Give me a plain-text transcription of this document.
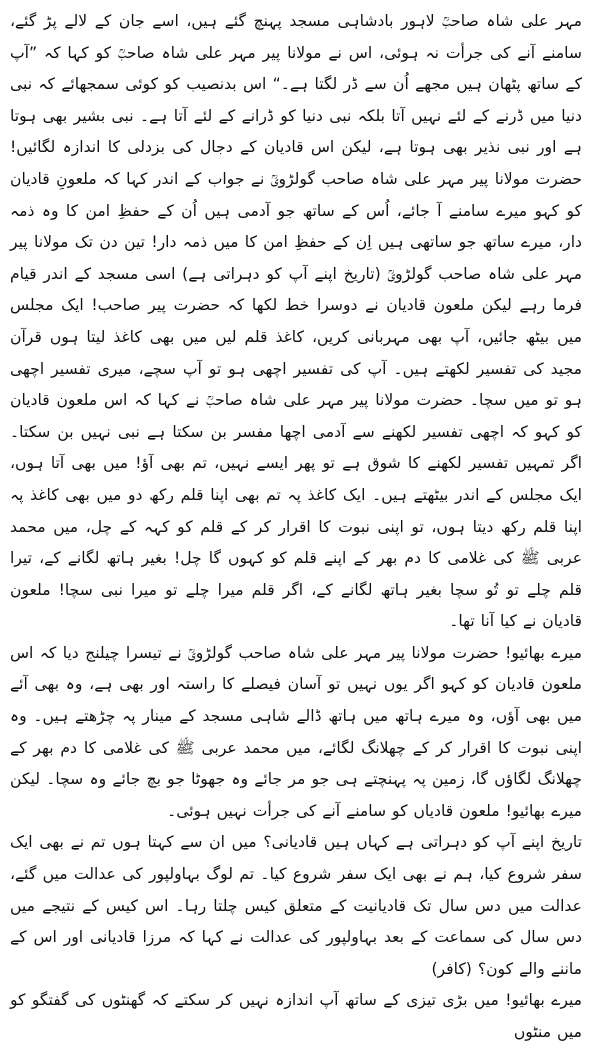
مہر علی شاہ صاحبؒ لاہور بادشاہی مسجد پہنچ گئے ہیں، اسے جان کے لالے پڑ گئے، سامنے آنے کی جرأت نہ ہوئی، اس نے مولانا پیر مہر علی شاہ صاحبؒ کو کہا کہ ”آپ کے ساتھ پٹھان ہیں مجھے اُن سے ڈر لگتا ہے۔“ اس بدنصیب کو کوئی سمجھائے کہ نبی دنیا میں ڈرنے کے لئے نہیں آتا بلکہ نبی دنیا کو ڈرانے کے لئے آتا ہے۔ نبی بشیر بھی ہوتا ہے اور نبی نذیر بھی ہوتا ہے، لیکن اس قادیان کے دجال کی بزدلی کا اندازہ لگائیں! حضرت مولانا پیر مہر علی شاہ صاحب گولڑویؒ نے جواب کے اندر کہا کہ ملعونِ قادیان کو کہو میرے سامنے آ جائے، اُس کے ساتھ جو آدمی ہیں اُن کے حفظِ امن کا وہ ذمہ دار، میرے ساتھ جو ساتھی ہیں اِن کے حفظِ امن کا میں ذمہ دار! تین دن تک مولانا پیر مہر علی شاہ صاحب گولڑویؒ (تاریخ اپنے آپ کو دہراتی ہے) اسی مسجد کے اندر قیام فرما رہے لیکن ملعون قادیان نے دوسرا خط لکھا کہ حضرت پیر صاحب! ایک مجلس میں بیٹھ جائیں، آپ بھی مہربانی کریں، کاغذ قلم لیں میں بھی کاغذ لیتا ہوں قرآن مجید کی تفسیر لکھتے ہیں۔ آپ کی تفسیر اچھی ہو تو آپ سچے، میری تفسیر اچھی ہو تو میں سچا۔ حضرت مولانا پیر مہر علی شاہ صاحبؒ نے کہا کہ اس ملعون قادیان کو کہو کہ اچھی تفسیر لکھنے سے آدمی اچھا مفسر بن سکتا ہے نبی نہیں بن سکتا۔ اگر تمہیں تفسیر لکھنے کا شوق ہے تو پھر ایسے نہیں، تم بھی آؤ! میں بھی آتا ہوں، ایک مجلس کے اندر بیٹھتے ہیں۔ ایک کاغذ پہ تم بھی اپنا قلم رکھ دو میں بھی کاغذ پہ اپنا قلم رکھ دیتا ہوں، تو اپنی نبوت کا اقرار کر کے قلم کو کہہ کے چل، میں محمد عربی ﷺ کی غلامی کا دم بھر کے اپنے قلم کو کہوں گا چل! بغیر ہاتھ لگانے کے، تیرا قلم چلے تو تُو سچا بغیر ہاتھ لگانے کے، اگر قلم میرا چلے تو میرا نبی سچا! ملعون قادیان نے کیا آنا تھا۔

میرے بھائیو! حضرت مولانا پیر مہر علی شاہ صاحب گولڑویؒ نے تیسرا چیلنج دیا کہ اس ملعون قادیان کو کہو اگر یوں نہیں تو آسان فیصلے کا راستہ اور بھی ہے، وہ بھی آئے میں بھی آؤں، وہ میرے ہاتھ میں ہاتھ ڈالے شاہی مسجد کے مینار پہ چڑھتے ہیں۔ وہ اپنی نبوت کا اقرار کر کے چھلانگ لگائے، میں محمد عربی ﷺ کی غلامی کا دم بھر کے چھلانگ لگاؤں گا، زمین پہ پہنچتے ہی جو مر جائے وہ جھوٹا جو بچ جائے وہ سچا۔ لیکن میرے بھائیو! ملعون قادیاں کو سامنے آنے کی جرأت نہیں ہوئی۔

تاریخ اپنے آپ کو دہراتی ہے کہاں ہیں قادیانی؟ میں ان سے کہتا ہوں تم نے بھی ایک سفر شروع کیا، ہم نے بھی ایک سفر شروع کیا۔ تم لوگ بہاولپور کی عدالت میں گئے، عدالت میں دس سال تک قادیانیت کے متعلق کیس چلتا رہا۔ اس کیس کے نتیجے میں دس سال کی سماعت کے بعد بہاولپور کی عدالت نے کہا کہ مرزا قادیانی اور اس کے ماننے والے کون؟ (کافر)

میرے بھائیو! میں بڑی تیزی کے ساتھ آپ اندازہ نہیں کر سکتے کہ گھنٹوں کی گفتگو کو میں منٹوں
